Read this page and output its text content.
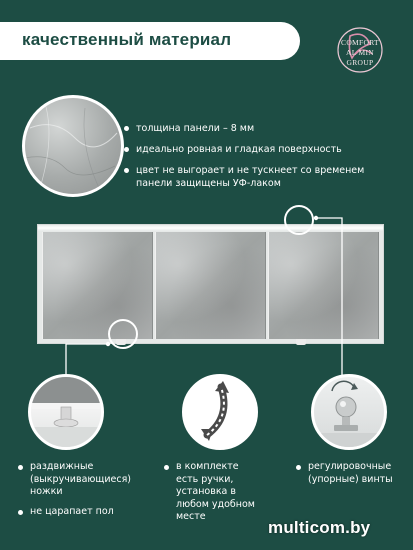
качественный материал	COMFORT
AL MIN
GROUP
толщина панели – 8 мм
идеально ровная и гладкая поверхность
цвет не выгорает и не тускнеет со временем панели защищены УФ-лаком
раздвижные (выкручивающиеся) ножки
не царапает пол
в комплекте есть ручки, установка в любом удобном месте
регулировочные (упорные) винты
multicom.by
